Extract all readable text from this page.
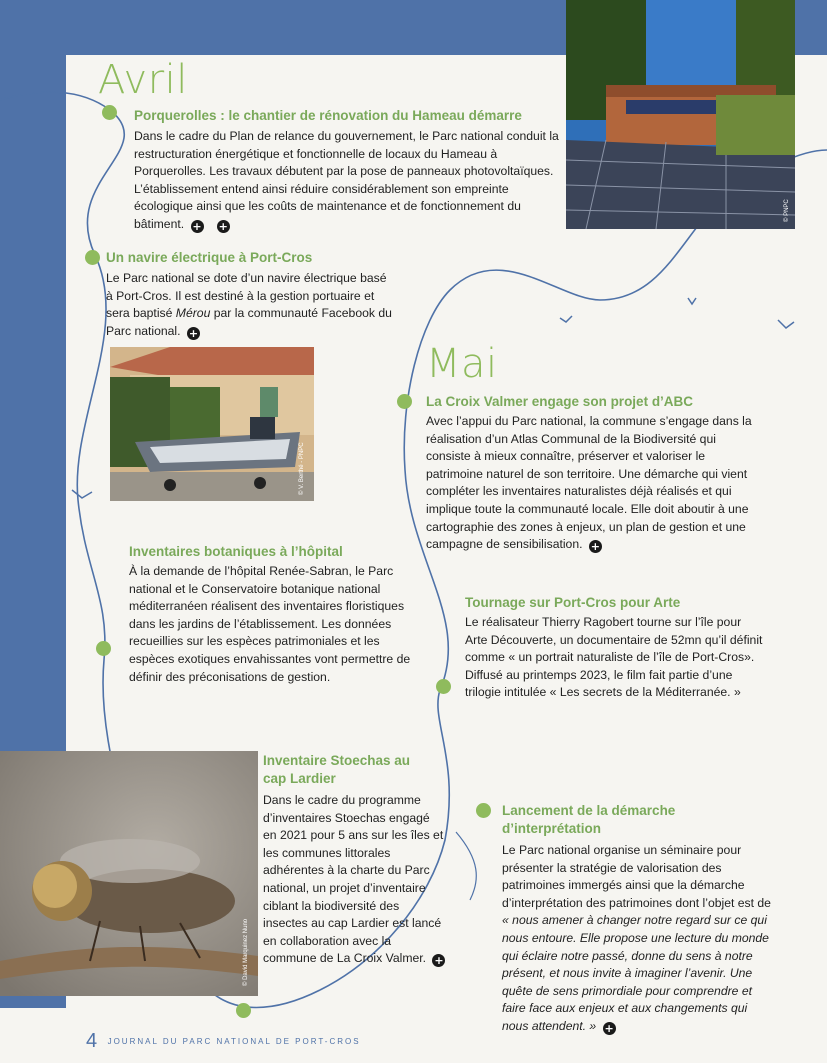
Avril
Mai
© PNPC
© V. Berthé - PNPC
© David Marquinez Nuno
Porquerolles : le chantier de rénovation du Hameau démarre
Dans le cadre du Plan de relance du gouvernement, le Parc national conduit la restructuration énergétique et fonctionnelle de locaux du Hameau à Porquerolles. Les travaux débutent par la pose de panneaux photovoltaïques. L’établissement entend ainsi réduire considérablement son empreinte écologique ainsi que les coûts de maintenance et de fonctionnement du bâtiment. + +
Un navire électrique à Port-Cros
Le Parc national se dote d’un navire électrique basé à Port-Cros. Il est destiné à la gestion portuaire et sera baptisé Mérou par la communauté Facebook du Parc national. +
Inventaires botaniques à l’hôpital
À la demande de l’hôpital Renée-Sabran, le Parc national et le Conservatoire botanique national méditerranéen réalisent des inventaires floristiques dans les jardins de l’établissement. Les données recueillies sur les espèces patrimoniales et les espèces exotiques envahissantes vont permettre de définir des préconisations de gestion.
Inventaire Stoechas au cap Lardier
Dans le cadre du programme d’inventaires Stoechas engagé en 2021 pour 5 ans sur les îles et les communes littorales adhérentes à la charte du Parc national, un projet d’inventaire ciblant la biodiversité des insectes au cap Lardier est lancé en collaboration avec la commune de La Croix Valmer. +
La Croix Valmer engage son projet d’ABC
Avec l’appui du Parc national, la commune s’engage dans la réalisation d’un Atlas Communal de la Biodiversité qui consiste à mieux connaître, préserver et valoriser le patrimoine naturel de son territoire. Une démarche qui vient compléter les inventaires naturalistes déjà réalisés et qui implique toute la communauté locale. Elle doit aboutir à une cartographie des zones à enjeux, un plan de gestion et une campagne de sensibilisation. +
Tournage sur Port-Cros pour Arte
Le réalisateur Thierry Ragobert tourne sur l’île pour Arte Découverte, un documentaire de 52mn qu’il définit comme « un portrait naturaliste de l’île de Port-Cros». Diffusé au printemps 2023, le film fait partie d’une trilogie intitulée « Les secrets de la Méditerranée. »
Lancement de la démarche d’interprétation
Le Parc national organise un séminaire pour présenter la stratégie de valorisation des patrimoines immergés ainsi que la démarche d’interprétation des patrimoines dont l’objet est de « nous amener à changer notre regard sur ce qui nous entoure. Elle propose une lecture du monde qui éclaire notre passé, donne du sens à notre présent, et nous invite à imaginer l’avenir. Une quête de sens primordiale pour comprendre et faire face aux enjeux et aux changements qui nous attendent. » +
4 JOURNAL DU PARC NATIONAL DE PORT-CROS
